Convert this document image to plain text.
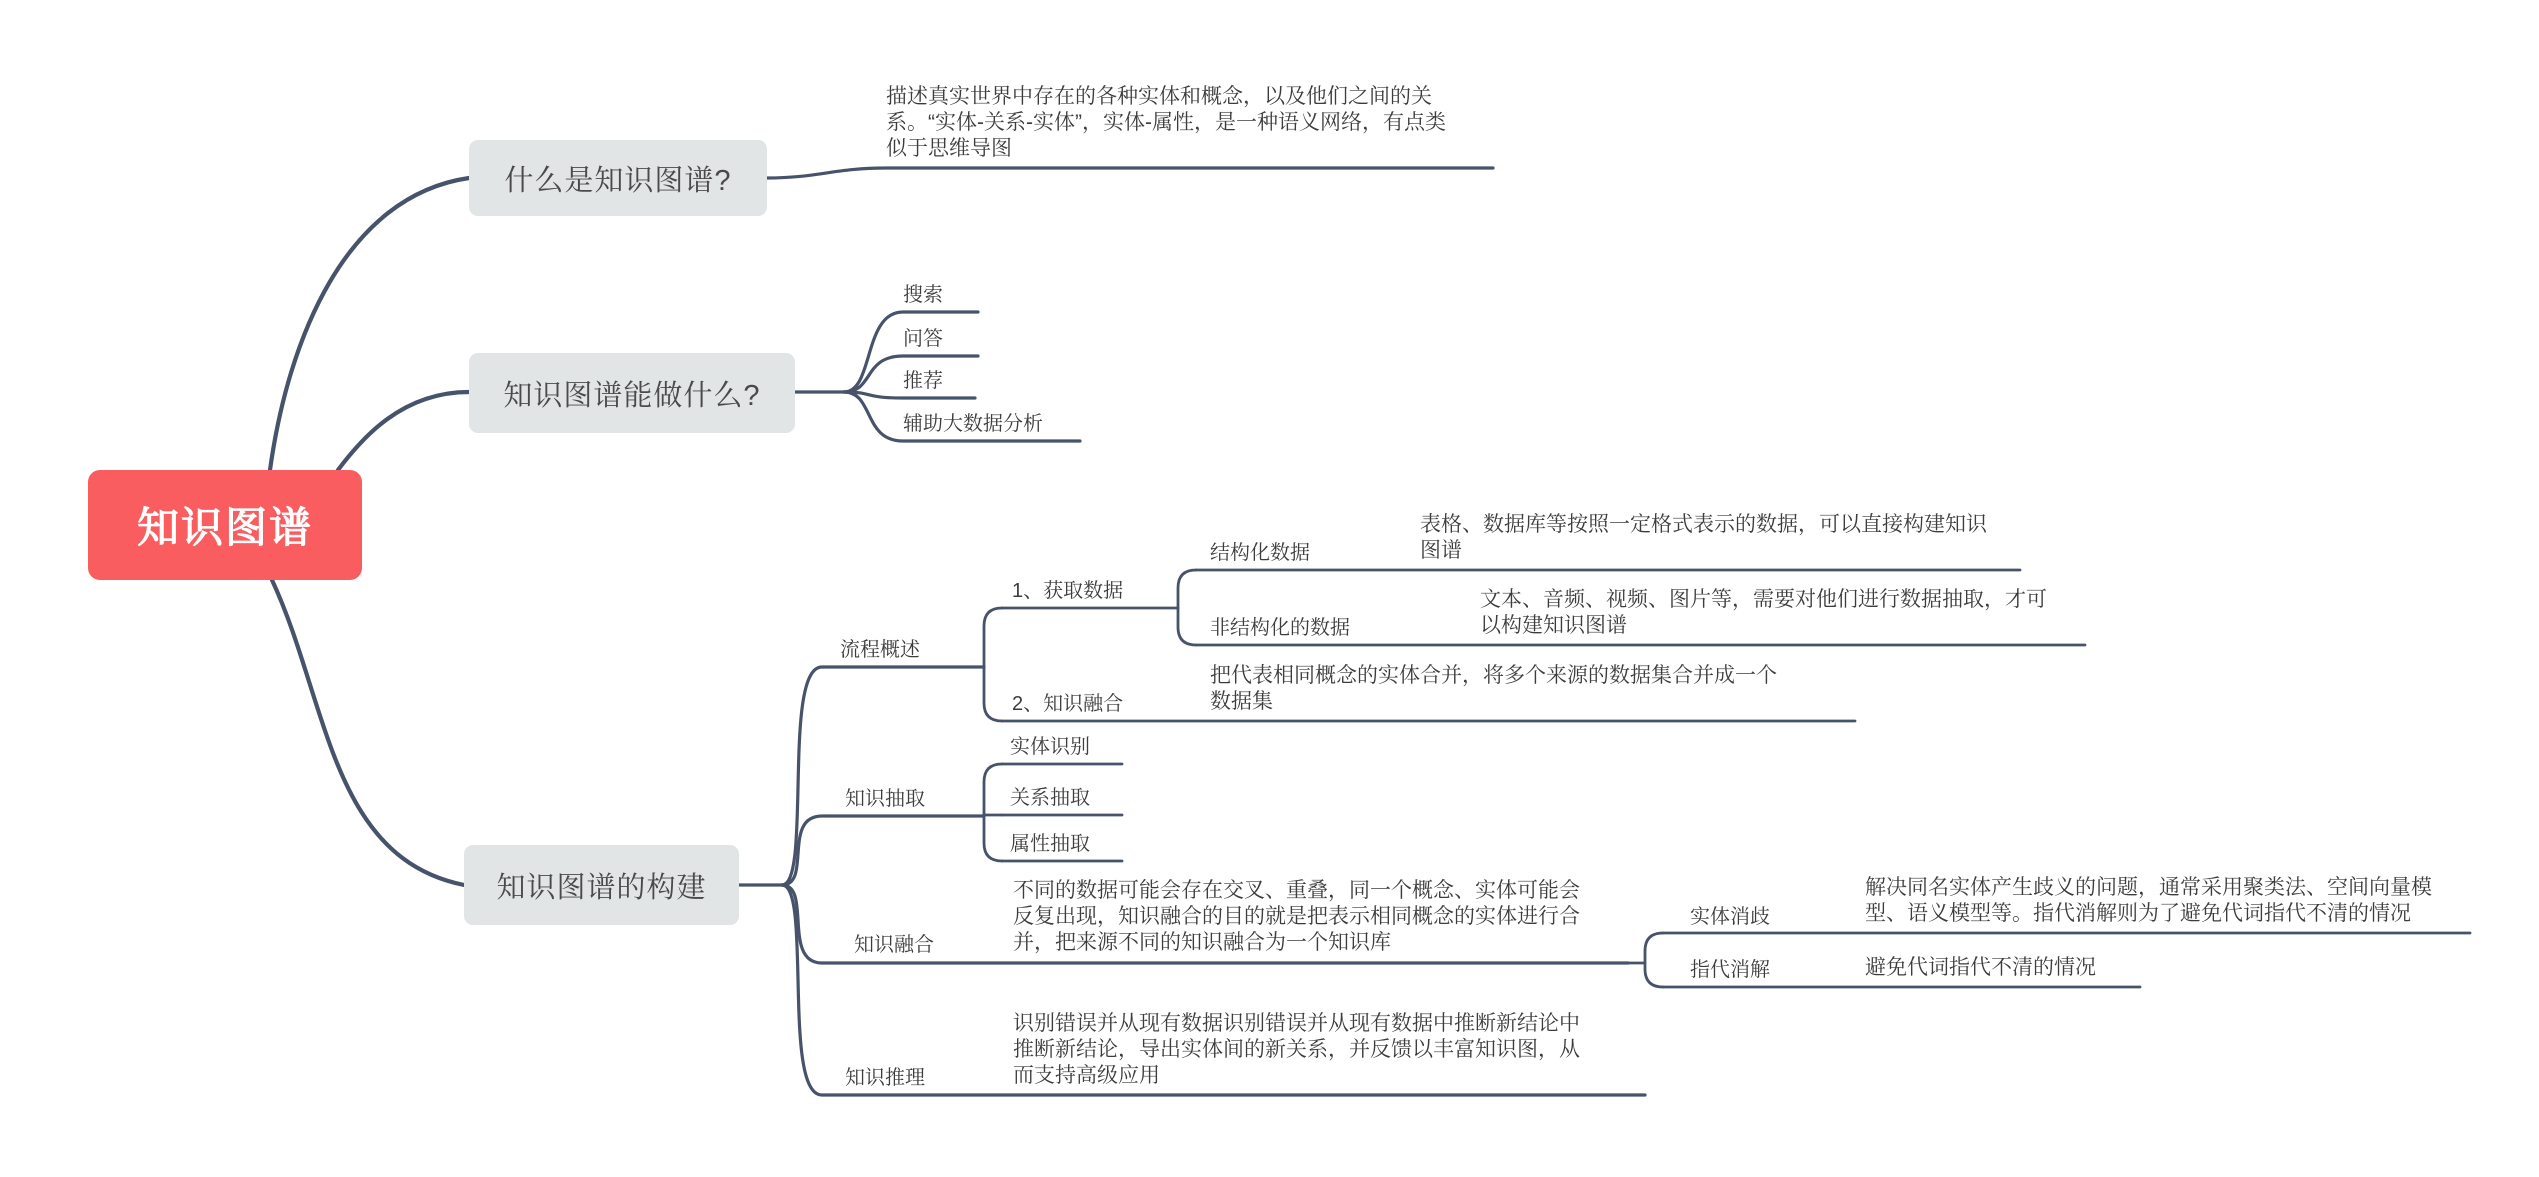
知识图谱
什么是知识图谱?
描述真实世界中存在的各种实体和概念，以及他们之间的关系。“实体-关系-实体”，实体-属性，是一种语义网络，有点类似于思维导图
知识图谱能做什么?
搜索
问答
推荐
辅助大数据分析
知识图谱的构建
流程概述
1、获取数据
结构化数据
表格、数据库等按照一定格式表示的数据，可以直接构建知识图谱
非结构化的数据
文本、音频、视频、图片等，需要对他们进行数据抽取，才可以构建知识图谱
2、知识融合
把代表相同概念的实体合并，将多个来源的数据集合并成一个数据集
知识抽取
实体识别
关系抽取
属性抽取
知识融合
不同的数据可能会存在交叉、重叠，同一个概念、实体可能会反复出现，知识融合的目的就是把表示相同概念的实体进行合并，把来源不同的知识融合为一个知识库
实体消歧
解决同名实体产生歧义的问题，通常采用聚类法、空间向量模型、语义模型等。指代消解则为了避免代词指代不清的情况
指代消解	避免代词指代不清的情况
知识推理
识别错误并从现有数据识别错误并从现有数据中推断新结论中推断新结论，导出实体间的新关系，并反馈以丰富知识图，从而支持高级应用
